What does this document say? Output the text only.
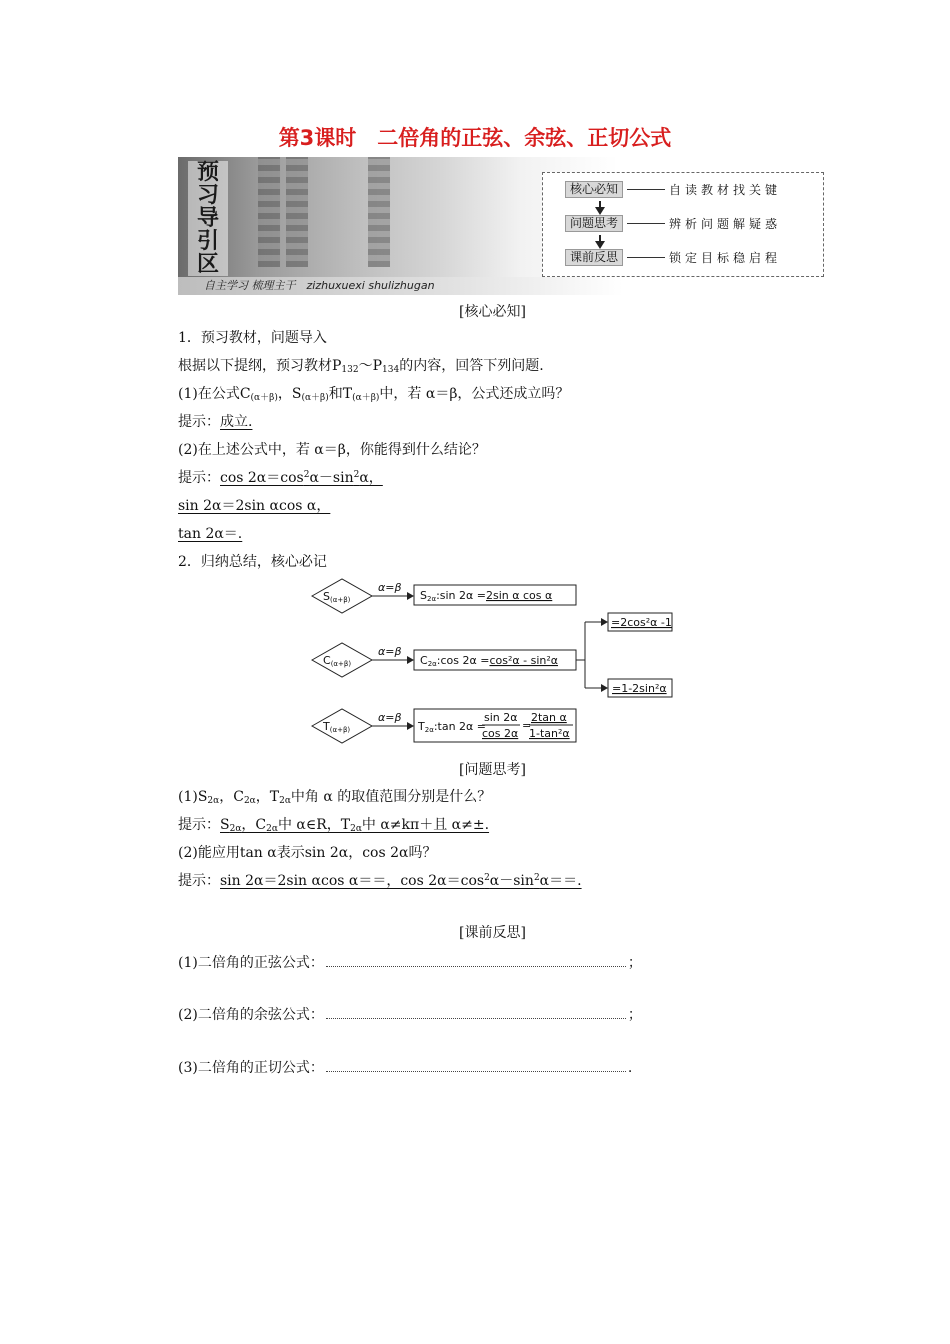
第3课时　二倍角的正弦、余弦、正切公式
预习导引区
自主学习 梳理主干　zizhuxuexi shulizhugan
核心必知	自读教材找关键
问题思考	辨析问题解疑惑
课前反思	锁定目标稳启程
[核心必知]
1．预习教材，问题导入
根据以下提纲，预习教材$P_{132}\sim P_{134}$的内容，回答下列问题.
(1)在公式$C_{(\alpha+\beta)}$，$S_{(\alpha+\beta)}$和$T_{(\alpha+\beta)}$中，若 α＝β，公式还成立吗？
提示：成立.
(2)在上述公式中，若 α＝β，你能得到什么结论？
提示：$\cos 2\alpha=\cos^2\alpha-\sin^2\alpha$，
sin 2α＝2sin αcos α，
tan 2α＝.
2．归纳总结，核心必记
S(α+β)
α=β
S2α:sin 2α =2sin α cos α
C(α+β)
α=β
C2α:cos 2α =cos²α - sin²α
=2cos²α -1
=1-2sin²α
T(α+β)
α=β
T2α:tan 2α =
sin 2α
cos 2α
=
2tan α
1-tan²α
[问题思考]
$(1)S_{2\alpha}$，$C_{2\alpha}$，$T_{2\alpha}$中角 α 的取值范围分别是什么？
提示：$S_{2\alpha}$，$C_{2\alpha}$中 α∈R，$T_{2\alpha}$中 α≠kπ＋且 α≠±.
(2)能应用tan α表示sin 2α，cos 2α吗？
提示：sin 2α＝2sin αcos α＝＝，$\cos 2\alpha=\cos^2\alpha-\sin^2\alpha==$.
[课前反思]
(1)二倍角的正弦公式：	；
(2)二倍角的余弦公式：	；
(3)二倍角的正切公式：	.
